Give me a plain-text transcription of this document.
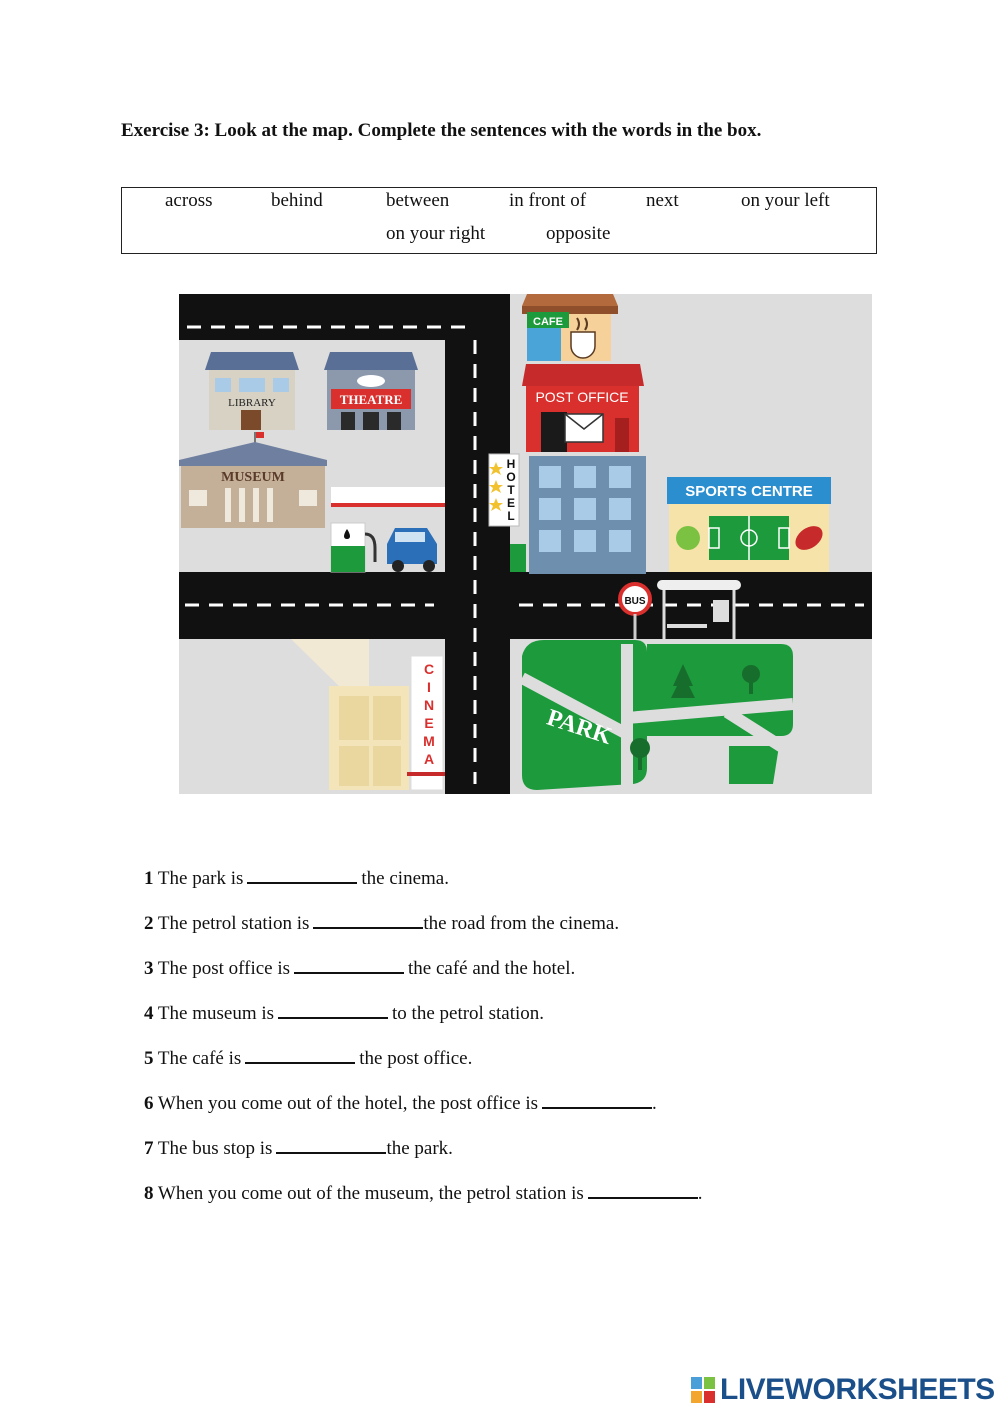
Exercise 3: Look at the map. Complete the sentences with the words in the box.
across	behind	between	in front of	next	on your left
on your right	opposite
CAFE
POST OFFICE
H
O
T
E
L
SPORTS CENTRE
LIBRARY	THEATRE
MUSEUM
BUS
C
I
N
E
M
A
PARK
1 The park is	the cinema.
2 The petrol station is	the road from the cinema.
3 The post office is	the café and the hotel.
4 The museum is	to the petrol station.
5 The café is	the post office.
6 When you come out of the hotel, the post office is	.
7 The bus stop is	the park.
8 When you come out of the museum, the petrol station is	.
LIVEWORKSHEETS
